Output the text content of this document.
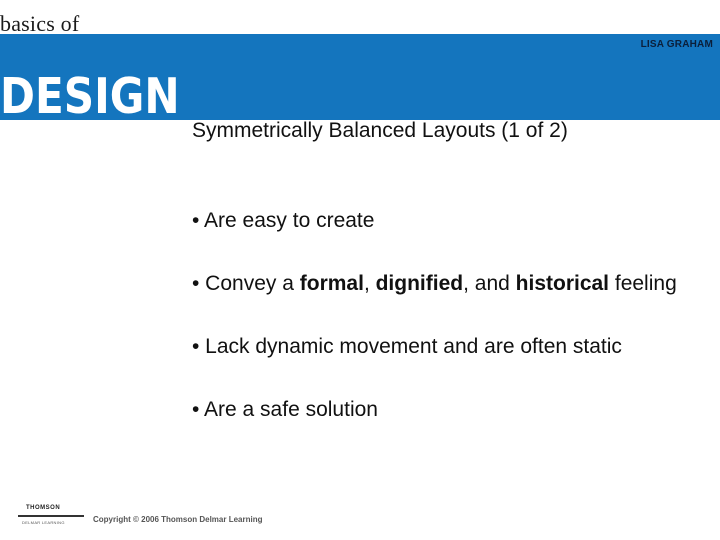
basics of
LISA GRAHAM
DESIGN
Symmetrically Balanced Layouts (1 of 2)
• Are easy to create
• Convey a formal, dignified, and historical feeling
• Lack dynamic movement and are often static
• Are a safe solution
THOMSON
DELMAR LEARNING	Copyright © 2006 Thomson Delmar Learning
